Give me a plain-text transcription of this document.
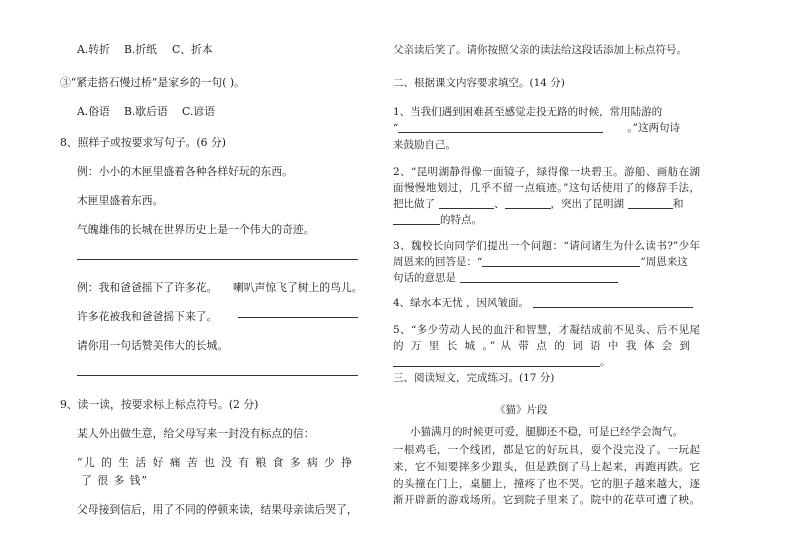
A.转折 B.折纸 C、折本
③“紧走搭石慢过桥”是家乡的一句( )。
A.俗语 B.歇后语 C.谚语
8、照样子或按要求写句子。(6 分)
例：小小的木匣里盛着各种各样好玩的东西。
木匣里盛着东西。
气魄雄伟的长城在世界历史上是一个伟大的奇迹。
例：我和爸爸摇下了许多花。 喇叭声惊飞了树上的鸟儿。
许多花被我和爸爸摇下来了。
请你用一句话赞美伟大的长城。
9、读一读，按要求标上标点符号。(2 分)
某人外出做生意，给父母写来一封没有标点的信：
“儿 的 生 活 好 痛 苦 也 没 有 粮 食 多 病 少 挣
了 很 多 钱”
父母接到信后，用了不同的停顿来读，结果母亲读后哭了，
父亲读后笑了。请你按照父亲的读法给这段话添加上标点符号。
二、根据课文内容要求填空。(14 分)
1、当我们遇到困难甚至感觉走投无路的时候，常用陆游的
“	。”这两句诗
来鼓励自己。
2、“昆明湖静得像一面镜子，绿得像一块碧玉。游船、画舫在湖
面慢慢地划过，几乎不留一点痕迹。”这句话使用了的修辞手法，
把比做了	、	，突出了昆明湖	和
的特点。
3、魏校长向同学们提出一个问题：“请问诸生为什么读书?”少年
周恩来的回答是：“	”周恩来这
句话的意思是
4、绿水本无忧 ，因风皱面。
5、“多少劳动人民的血汗和智慧，才凝结成前不见头、后不见尾
的 万 里 长 城 。” 从 带 点 的 词 语 中 我 体 会 到
。
三、阅读短文，完成练习。(17 分)
《猫》片段
小猫满月的时候更可爱，腿脚还不稳，可是已经学会淘气。
一根鸡毛，一个线团，都是它的好玩具，耍个没完没了。一玩起
来，它不知要摔多少跟头，但是跌倒了马上起来，再跑再跌。它
的头撞在门上，桌腿上，撞疼了也不哭。它的胆子越来越大，逐
渐开辟新的游戏场所。它到院子里来了。院中的花草可遭了秧。
